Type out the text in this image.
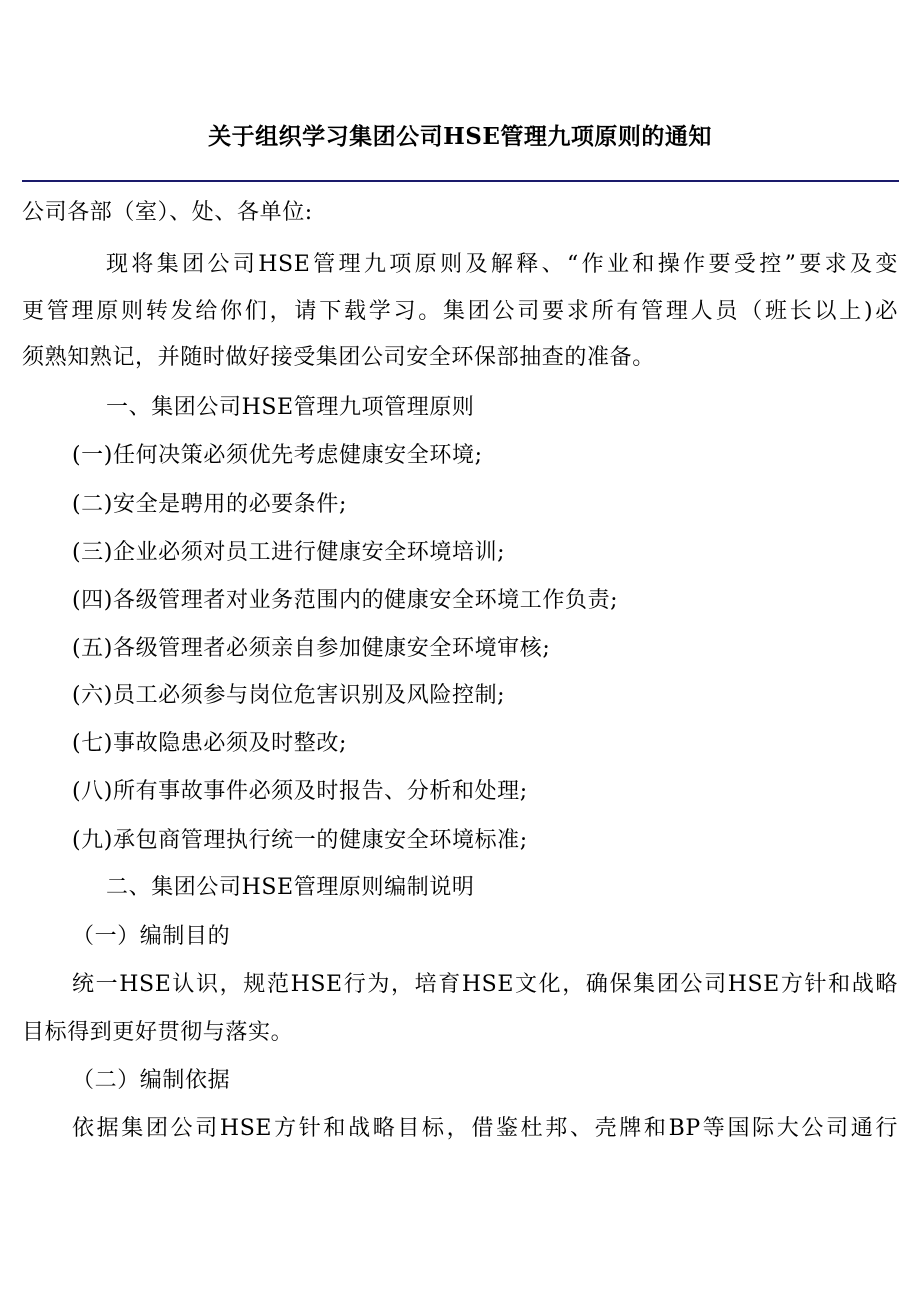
关于组织学习集团公司HSE管理九项原则的通知
公司各部（室）、处、各单位:
现将集团公司HSE管理九项原则及解释、“作业和操作要受控”要求及变
更管理原则转发给你们，请下载学习。集团公司要求所有管理人员（班长以上)必
须熟知熟记，并随时做好接受集团公司安全环保部抽查的准备。
一、集团公司HSE管理九项管理原则
(一)任何决策必须优先考虑健康安全环境;
(二)安全是聘用的必要条件;
(三)企业必须对员工进行健康安全环境培训;
(四)各级管理者对业务范围内的健康安全环境工作负责;
(五)各级管理者必须亲自参加健康安全环境审核;
(六)员工必须参与岗位危害识别及风险控制;
(七)事故隐患必须及时整改;
(八)所有事故事件必须及时报告、分析和处理;
(九)承包商管理执行统一的健康安全环境标准;
二、集团公司HSE管理原则编制说明
（一）编制目的
统一HSE认识，规范HSE行为，培育HSE文化，确保集团公司HSE方针和战略
目标得到更好贯彻与落实。
（二）编制依据
依据集团公司HSE方针和战略目标，借鉴杜邦、壳牌和BP等国际大公司通行
